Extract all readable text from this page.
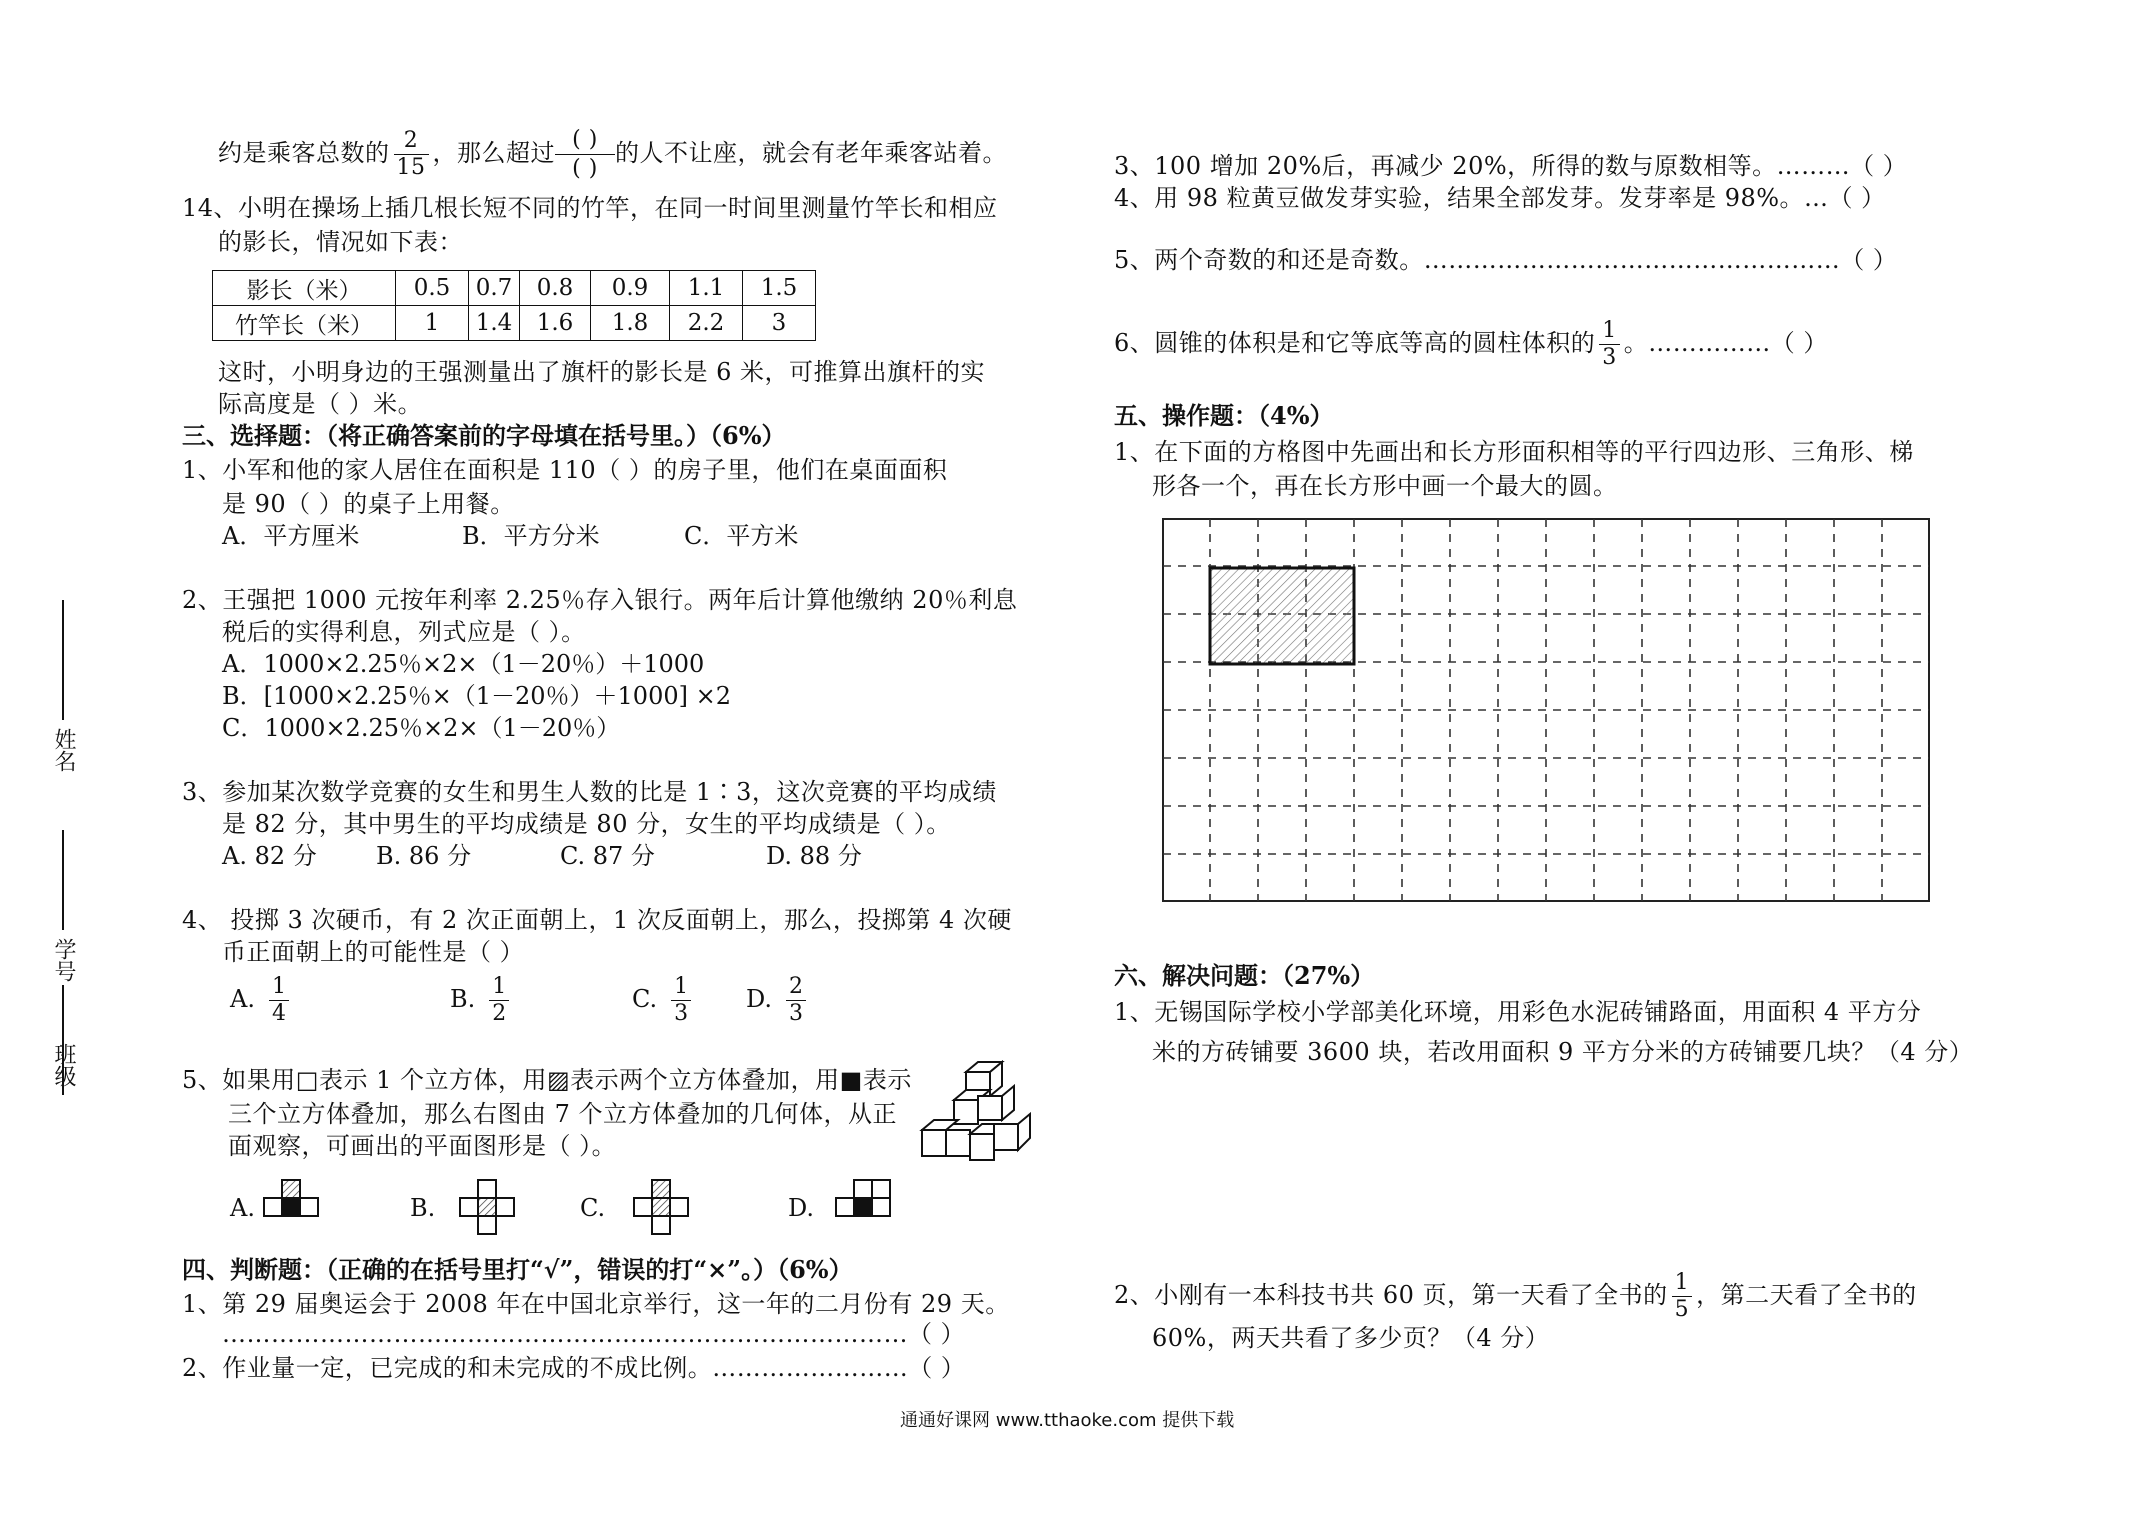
姓名
学号
班级
约是乘客总数的 $\frac{2}{15}$ ，那么超过 $\frac{( )}{( )}$ 的人不让座，就会有老年乘客站着。
14、小明在操场上插几根长短不同的竹竿，在同一时间里测量竹竿长和相应
的影长，情况如下表：
影长（米）	0.5	0.7	0.8	0.9	1.1	1.5
竹竿长（米）	1	1.4	1.6	1.8	2.2	3
这时，小明身边的王强测量出了旗杆的影长是 6 米，可推算出旗杆的实
际高度是（ ）米。
三、选择题：（将正确答案前的字母填在括号里。）（6%）
1、小军和他的家人居住在面积是 110（ ）的房子里，他们在桌面面积
是 90（ ）的桌子上用餐。
A．平方厘米	B．平方分米	C．平方米
2、王强把 1000 元按年利率 2.25％存入银行。两年后计算他缴纳 20％利息
税后的实得利息，列式应是（ ）。
A．1000×2.25％×2×（1－20％）＋1000
B．[1000×2.25％×（1－20％）＋1000] ×2
C．1000×2.25％×2×（1－20％）
3、参加某次数学竞赛的女生和男生人数的比是 1∶3，这次竞赛的平均成绩
是 82 分，其中男生的平均成绩是 80 分，女生的平均成绩是（ ）。
A. 82 分 B. 86 分	C. 87 分	D. 88 分
4、 投掷 3 次硬币，有 2 次正面朝上，1 次反面朝上，那么，投掷第 4 次硬
币正面朝上的可能性是（ ）
A. $\frac{1}{4}$	B. $\frac{1}{2}$	C. $\frac{1}{3} D$. $\frac{2}{3}$
5、如果用□表示 1 个立方体，用▨表示两个立方体叠加，用■表示
三个立方体叠加，那么右图由 7 个立方体叠加的几何体，从正
面观察，可画出的平面图形是（ ）。
A.	B.	C.	D.
四、判断题：（正确的在括号里打“√”，错误的打“×”。）（6%）
1、第 29 届奥运会于 2008 年在中国北京举行，这一年的二月份有 29 天。
…………………………………………………………………………（ ）
2、作业量一定，已完成的和未完成的不成比例。……………………（ ）
3、100 增加 20%后，再减少 20%，所得的数与原数相等。………（ ）
4、用 98 粒黄豆做发芽实验，结果全部发芽。发芽率是 98%。…（ ）
5、两个奇数的和还是奇数。……………………………………………（ ）
6、圆锥的体积是和它等底等高的圆柱体积的 $\frac{1}{3}$ 。……………（ ）
五、操作题：（4%）
1、在下面的方格图中先画出和长方形面积相等的平行四边形、三角形、梯
形各一个，再在长方形中画一个最大的圆。
六、解决问题：（27%）
1、无锡国际学校小学部美化环境，用彩色水泥砖铺路面，用面积 4 平方分
米的方砖铺要 3600 块，若改用面积 9 平方分米的方砖铺要几块？（4 分）
2、小刚有一本科技书共 60 页，第一天看了全书的 $\frac{1}{5}$ ，第二天看了全书的
60%，两天共看了多少页？（4 分）
通通好课网 www.tthaoke.com 提供下载
